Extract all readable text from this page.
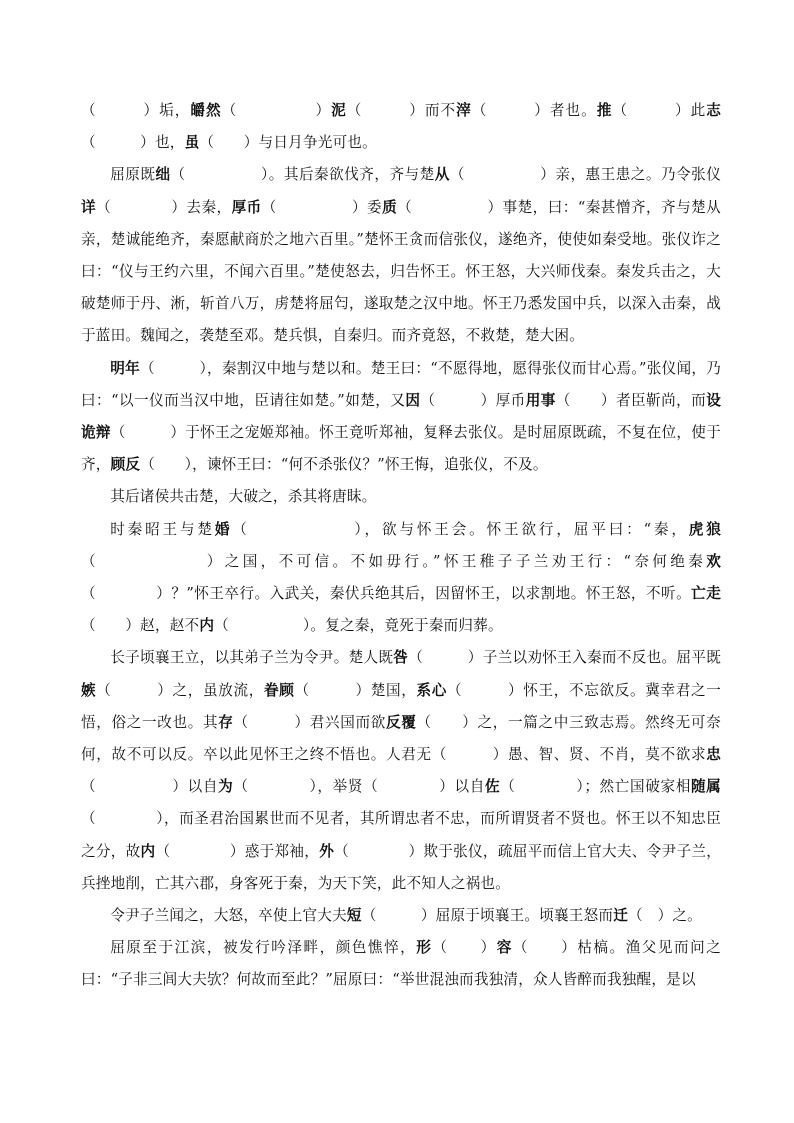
（　　　）垢，皭然（　　　　　）泥（　　　）而不滓（　　　）者也。推（　　　）此志（　　　）也，虽（　　）与日月争光可也。

屈原既绌（　　　　　）。其后秦欲伐齐，齐与楚从（　　　　　）亲，惠王患之。乃令张仪详（　　　　）去秦，厚币（　　　　　）委质（　　　　　）事楚，曰：“秦甚憎齐，齐与楚从亲，楚诚能绝齐，秦愿献商於之地六百里。”楚怀王贪而信张仪，遂绝齐，使使如秦受地。张仪诈之曰：“仪与王约六里，不闻六百里。”楚使怒去，归告怀王。怀王怒，大兴师伐秦。秦发兵击之，大破楚师于丹、淅，斩首八万，虏楚将屈匄，遂取楚之汉中地。怀王乃悉发国中兵，以深入击秦，战于蓝田。魏闻之，袭楚至邓。楚兵惧，自秦归。而齐竟怒，不救楚，楚大困。

明年（　　　），秦割汉中地与楚以和。楚王曰：“不愿得地，愿得张仪而甘心焉。”张仪闻，乃曰：“以一仪而当汉中地，臣请往如楚。”如楚，又因（　　　）厚币用事（　　）者臣靳尚，而设诡辩（　　　）于怀王之宠姬郑袖。怀王竟听郑袖，复释去张仪。是时屈原既疏，不复在位，使于齐，顾反（　　），谏怀王曰：“何不杀张仪？”怀王悔，追张仪，不及。

其后诸侯共击楚，大破之，杀其将唐眜。

时秦昭王与楚婚（　　　　　　），欲与怀王会。怀王欲行，屈平曰：“秦，虎狼（　　　　　　）之国，不可信。不如毋行。”怀王稚子子兰劝王行：“奈何绝秦欢（　　　　）？”怀王卒行。入武关，秦伏兵绝其后，因留怀王，以求割地。怀王怒，不听。亡走（　　）赵，赵不内（　　　　　）。复之秦，竟死于秦而归葬。

长子顷襄王立，以其弟子兰为令尹。楚人既咎（　　　）子兰以劝怀王入秦而不反也。屈平既嫉（　　　）之，虽放流，眷顾（　　　）楚国，系心（　　　）怀王，不忘欲反。冀幸君之一悟，俗之一改也。其存（　　　）君兴国而欲反覆（　　）之，一篇之中三致志焉。然终无可奈何，故不可以反。卒以此见怀王之终不悟也。人君无（　　　）愚、智、贤、不肖，莫不欲求忠（　　　　　）以自为（　　　　），举贤（　　　　）以自佐（　　　　）；然亡国破家相随属（　　　　），而圣君治国累世而不见者，其所谓忠者不忠，而所谓贤者不贤也。怀王以不知忠臣之分，故内（　　　　）惑于郑袖，外（　　　　）欺于张仪，疏屈平而信上官大夫、令尹子兰，兵挫地削，亡其六郡，身客死于秦，为天下笑，此不知人之祸也。

令尹子兰闻之，大怒，卒使上官大夫短（　　　）屈原于顷襄王。顷襄王怒而迁（　）之。

屈原至于江滨，被发行吟泽畔，颜色憔悴，形（　　）容（　　）枯槁。渔父见而问之曰：“子非三闾大夫欤？何故而至此？”屈原曰：“举世混浊而我独清，众人皆醉而我独醒，是以
